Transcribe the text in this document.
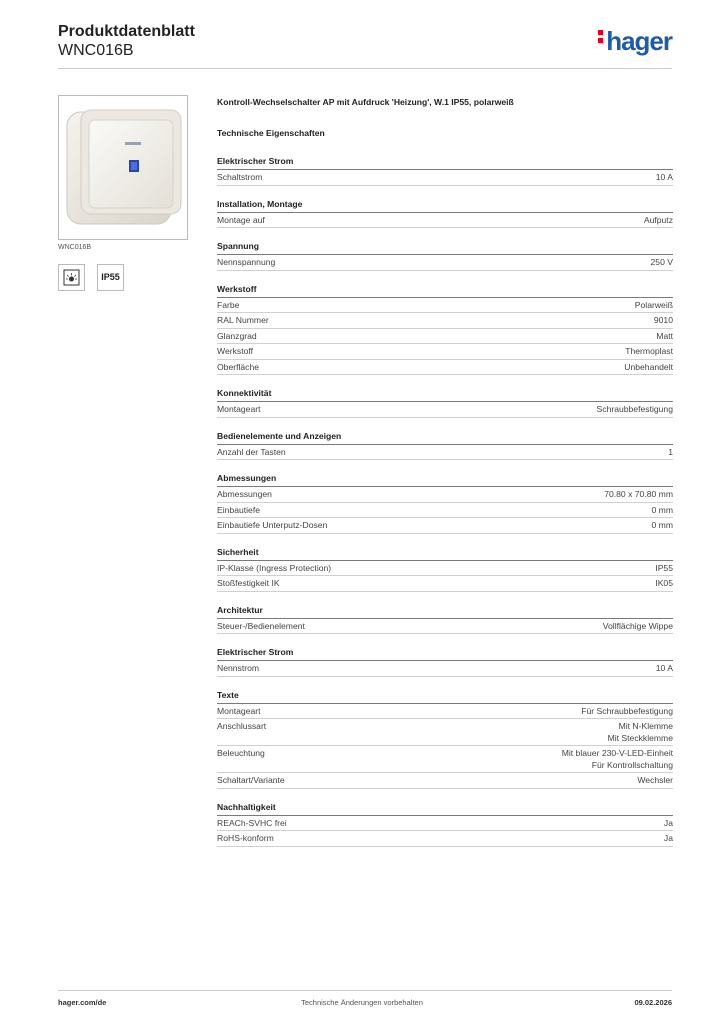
Produktdatenblatt
WNC016B	hager
WNC016B
IP55
Kontroll-Wechselschalter AP mit Aufdruck 'Heizung', W.1 IP55, polarweiß
Technische Eigenschaften
Elektrischer Strom
Schaltstrom	10 A
Installation, Montage
Montage auf	Aufputz
Spannung
Nennspannung	250 V
Werkstoff
Farbe	Polarweiß
RAL Nummer	9010
Glanzgrad	Matt
Werkstoff	Thermoplast
Oberfläche	Unbehandelt
Konnektivität
Montageart	Schraubbefestigung
Bedienelemente und Anzeigen
Anzahl der Tasten	1
Abmessungen
Abmessungen	70.80 x 70.80 mm
Einbautiefe	0 mm
Einbautiefe Unterputz-Dosen	0 mm
Sicherheit
IP-Klasse (Ingress Protection)	IP55
Stoßfestigkeit IK	IK05
Architektur
Steuer-/Bedienelement	Vollflächige Wippe
Elektrischer Strom
Nennstrom	10 A
Texte
Montageart	Für Schraubbefestigung
Anschlussart	Mit N-Klemme
Mit Steckklemme
Beleuchtung	Mit blauer 230-V-LED-Einheit
Für Kontrollschaltung
Schaltart/Variante	Wechsler
Nachhaltigkeit
REACh-SVHC frei	Ja
RoHS-konform	Ja
hager.com/de	Technische Änderungen vorbehalten	09.02.2026
